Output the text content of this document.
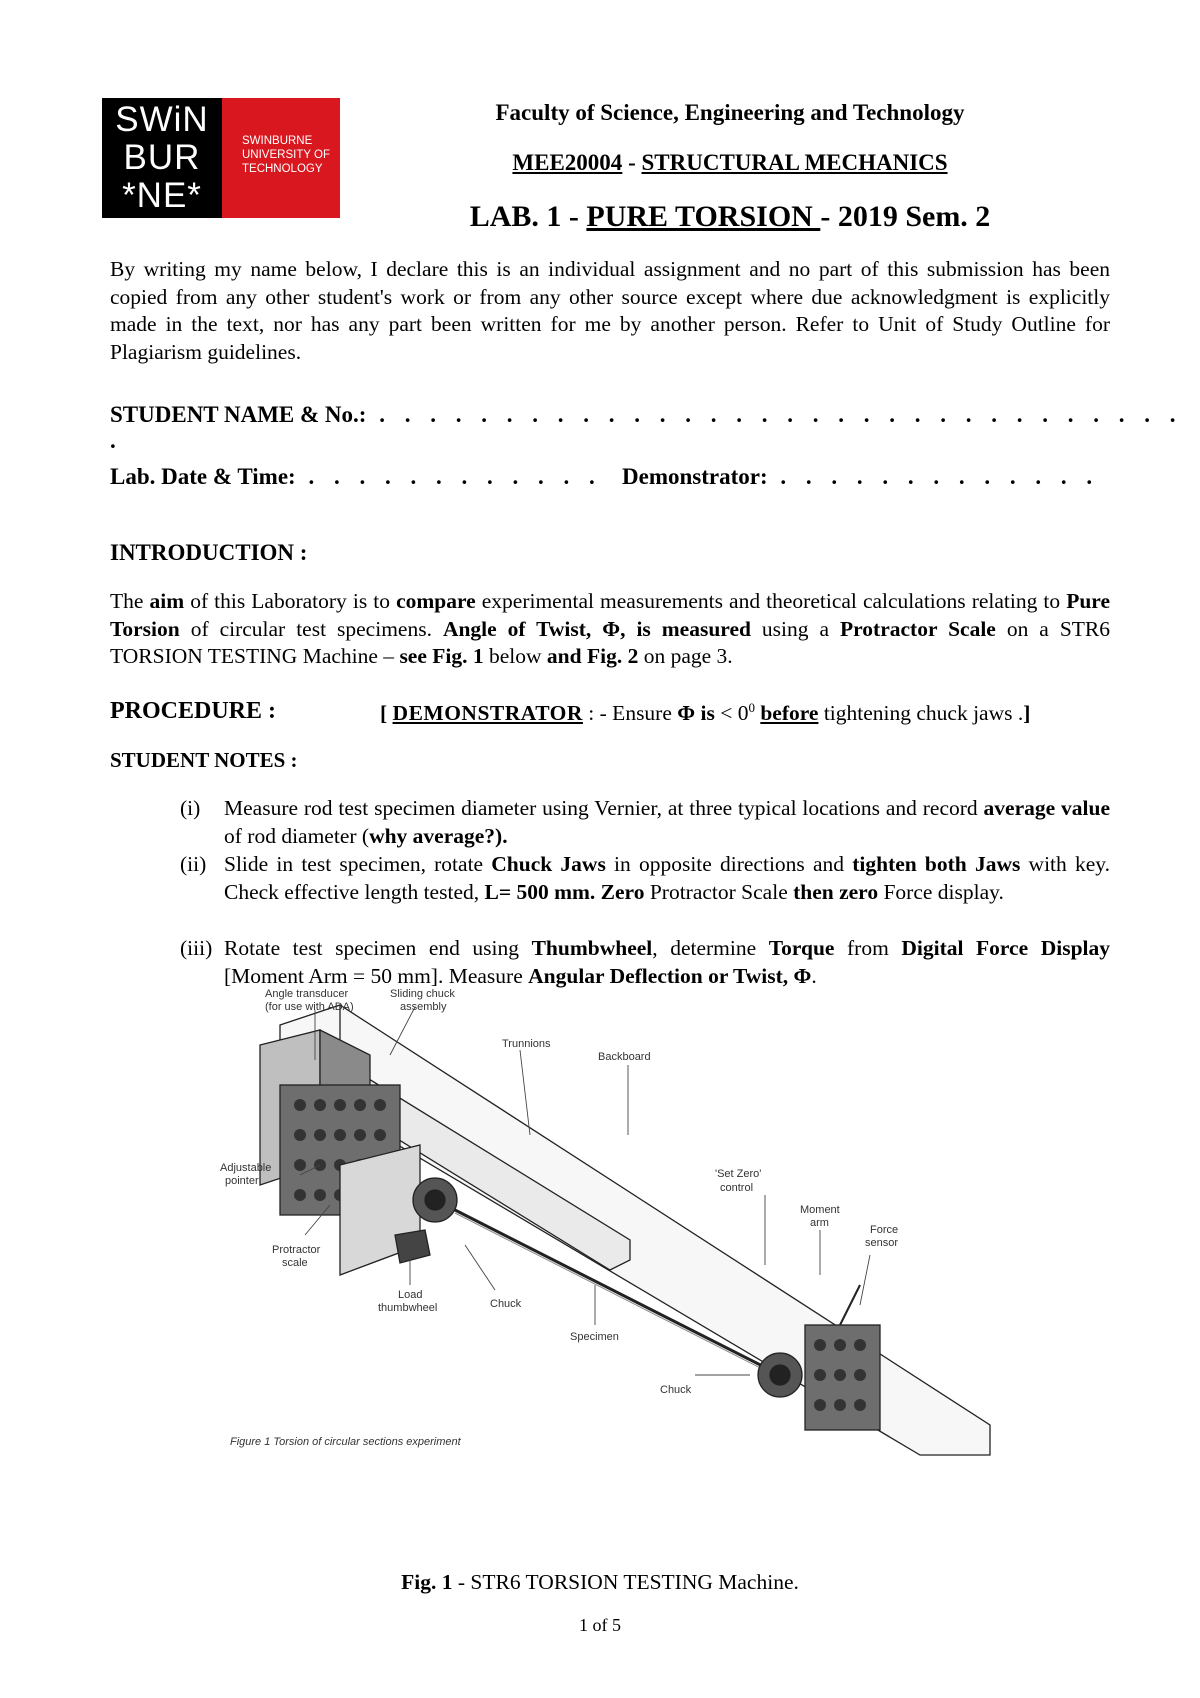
SWiN
BUR
*NE*
SWINBURNE
UNIVERSITY OF
TECHNOLOGY
Faculty of Science, Engineering and Technology
MEE20004 - STRUCTURAL MECHANICS
LAB. 1 - PURE TORSION - 2019 Sem. 2
By writing my name below, I declare this is an individual assignment and no part of this submission has been copied from any other student's work or from any other source except where due acknowledgment is explicitly made in the text, nor has any part been written for me by another person. Refer to Unit of Study Outline for Plagiarism guidelines.
STUDENT NAME & No.: . . . . . . . . . . . . . . . . . . . . . . . . . . . . . . . . .
Lab. Date & Time: . . . . . . . . . . . . Demonstrator: . . . . . . . . . . . . .
INTRODUCTION :
The aim of this Laboratory is to compare experimental measurements and theoretical calculations relating to Pure Torsion of circular test specimens. Angle of Twist, Φ, is measured using a Protractor Scale on a STR6 TORSION TESTING Machine – see Fig. 1 below and Fig. 2 on page 3.
PROCEDURE :	[ DEMONSTRATOR : - Ensure Φ is < $0^0$ before tightening chuck jaws .]
STUDENT NOTES :
(i) Measure rod test specimen diameter using Vernier, at three typical locations and record average value of rod diameter (why average?).
(ii) Slide in test specimen, rotate Chuck Jaws in opposite directions and tighten both Jaws with key. Check effective length tested, L= 500 mm. Zero Protractor Scale then zero Force display.
(iii) Rotate test specimen end using Thumbwheel, determine Torque from Digital Force Display [Moment Arm = 50 mm]. Measure Angular Deflection or Twist, Φ.
Angle transducer
(for use with ADA)
Sliding chuck
assembly
Trunnions
Backboard
'Set Zero'
control
Moment
arm
Force
sensor
Adjustable
pointer
Protractor
scale
Load
thumbwheel	Chuck
Specimen
Chuck
Figure 1 Torsion of circular sections experiment
Fig. 1 - STR6 TORSION TESTING Machine.
1 of 5
